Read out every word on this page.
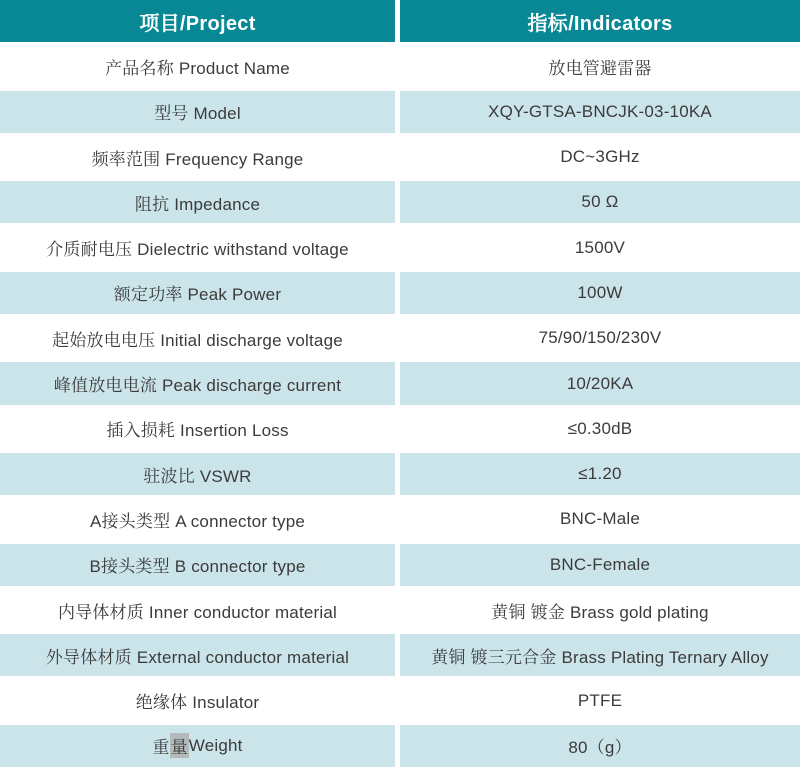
项目/Project	指标/Indicators
产品名称 Product Name	放电管避雷器
型号 Model	XQY-GTSA-BNCJK-03-10KA
频率范围 Frequency Range	DC~3GHz
阻抗 Impedance	50 Ω
介质耐电压 Dielectric withstand voltage	1500V
额定功率 Peak Power	100W
起始放电电压 Initial discharge voltage	75/90/150/230V
峰值放电电流 Peak discharge current	10/20KA
插入损耗 Insertion Loss	≤0.30dB
驻波比 VSWR	≤1.20
A接头类型 A connector type	BNC-Male
B接头类型 B connector type	BNC-Female
内导体材质 Inner conductor material	黄铜 镀金 Brass gold plating
外导体材质 External conductor material	黄铜 镀三元合金 Brass Plating Ternary Alloy
绝缘体 Insulator	PTFE
重 量 Weight	80（g）
